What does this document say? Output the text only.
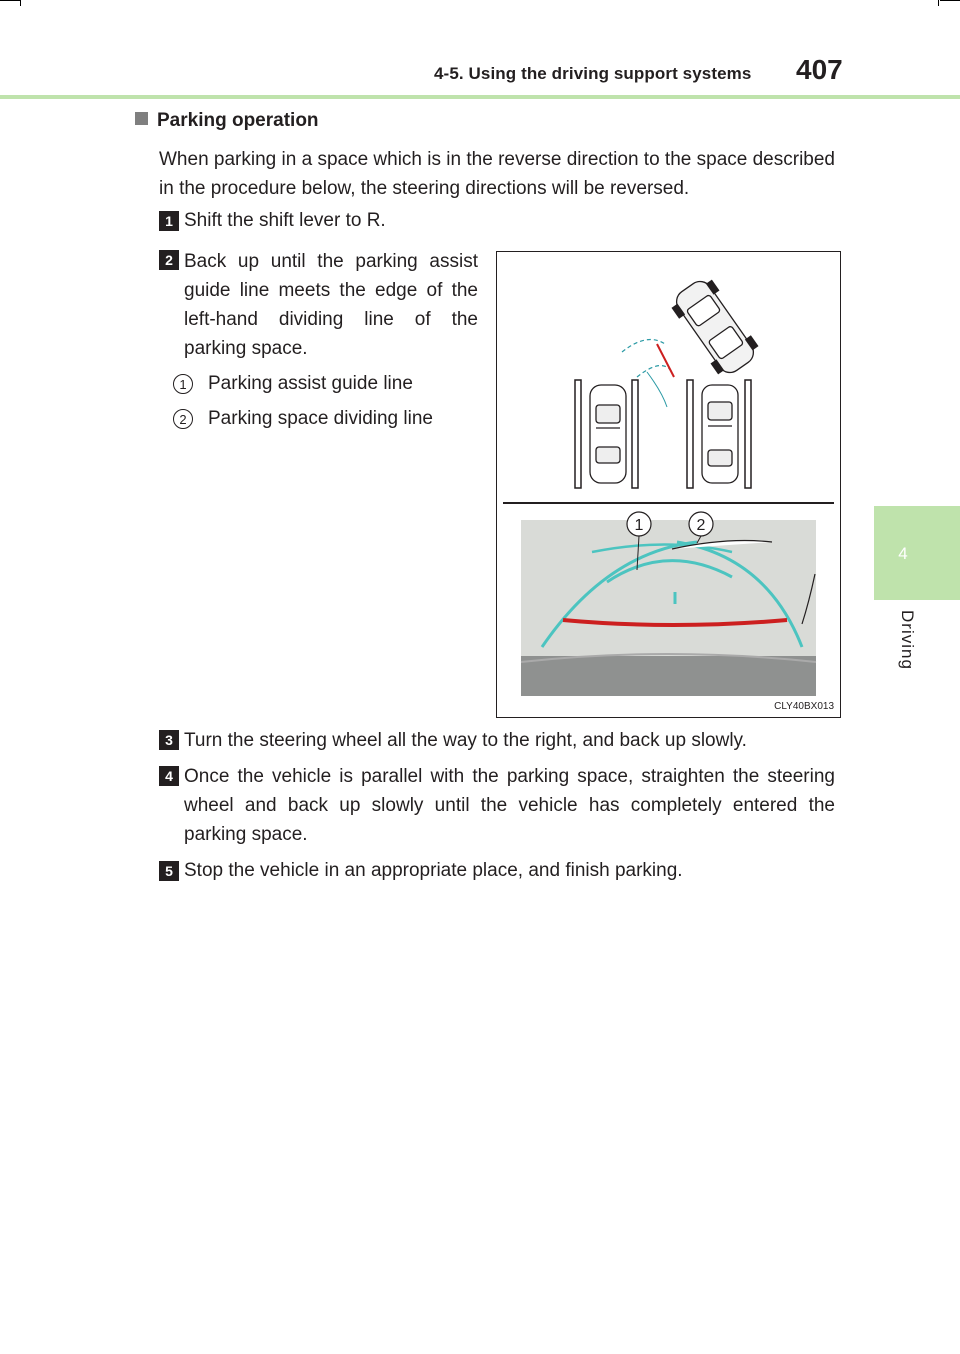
4-5. Using the driving support systems 407
4
Driving
Parking operation
When parking in a space which is in the reverse direction to the space described in the procedure below, the steering directions will be reversed.
1 Shift the shift lever to R.
2 Back up until the parking assist guide line meets the edge of the left-hand dividing line of the parking space.
1	Parking assist guide line
2	Parking space dividing line
1	2
CLY40BX013
3 Turn the steering wheel all the way to the right, and back up slowly.
4 Once the vehicle is parallel with the parking space, straighten the steering wheel and back up slowly until the vehicle has completely entered the parking space.
5 Stop the vehicle in an appropriate place, and finish parking.
